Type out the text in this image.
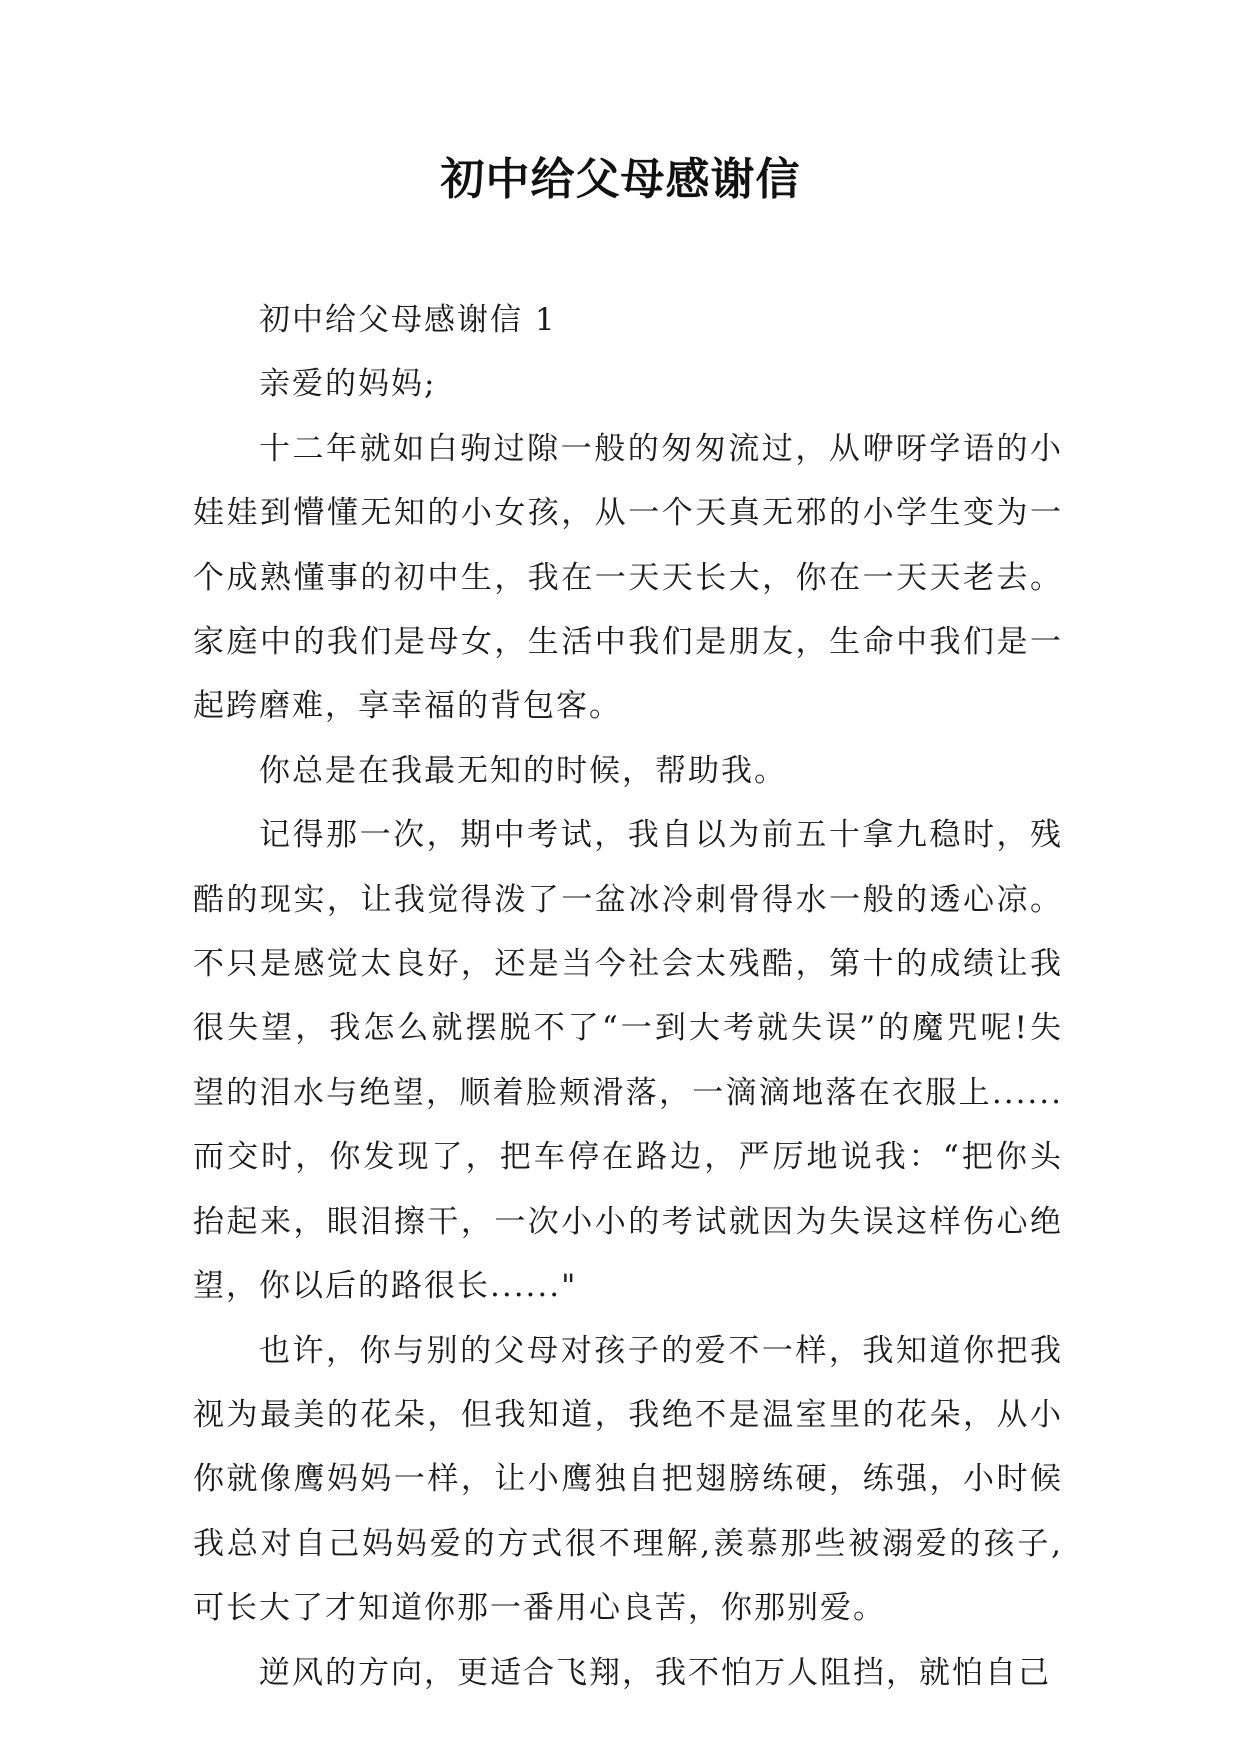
初中给父母感谢信

初中给父母感谢信 1

亲爱的妈妈;

十二年就如白驹过隙一般的匆匆流过，从咿呀学语的小娃娃到懵懂无知的小女孩，从一个天真无邪的小学生变为一个成熟懂事的初中生，我在一天天长大，你在一天天老去。家庭中的我们是母女，生活中我们是朋友，生命中我们是一起跨磨难，享幸福的背包客。

你总是在我最无知的时候，帮助我。

记得那一次，期中考试，我自以为前五十拿九稳时，残酷的现实，让我觉得泼了一盆冰冷刺骨得水一般的透心凉。不只是感觉太良好，还是当今社会太残酷，第十的成绩让我很失望，我怎么就摆脱不了“一到大考就失误”的魔咒呢!失望的泪水与绝望，顺着脸颊滑落，一滴滴地落在衣服上......而交时，你发现了，把车停在路边，严厉地说我：“把你头抬起来，眼泪擦干，一次小小的考试就因为失误这样伤心绝望，你以后的路很长......"

也许，你与别的父母对孩子的爱不一样，我知道你把我视为最美的花朵，但我知道，我绝不是温室里的花朵，从小你就像鹰妈妈一样，让小鹰独自把翅膀练硬，练强，小时候我总对自己妈妈爱的方式很不理解,羡慕那些被溺爱的孩子,可长大了才知道你那一番用心良苦，你那别爱。

逆风的方向，更适合飞翔，我不怕万人阻挡，就怕自己
